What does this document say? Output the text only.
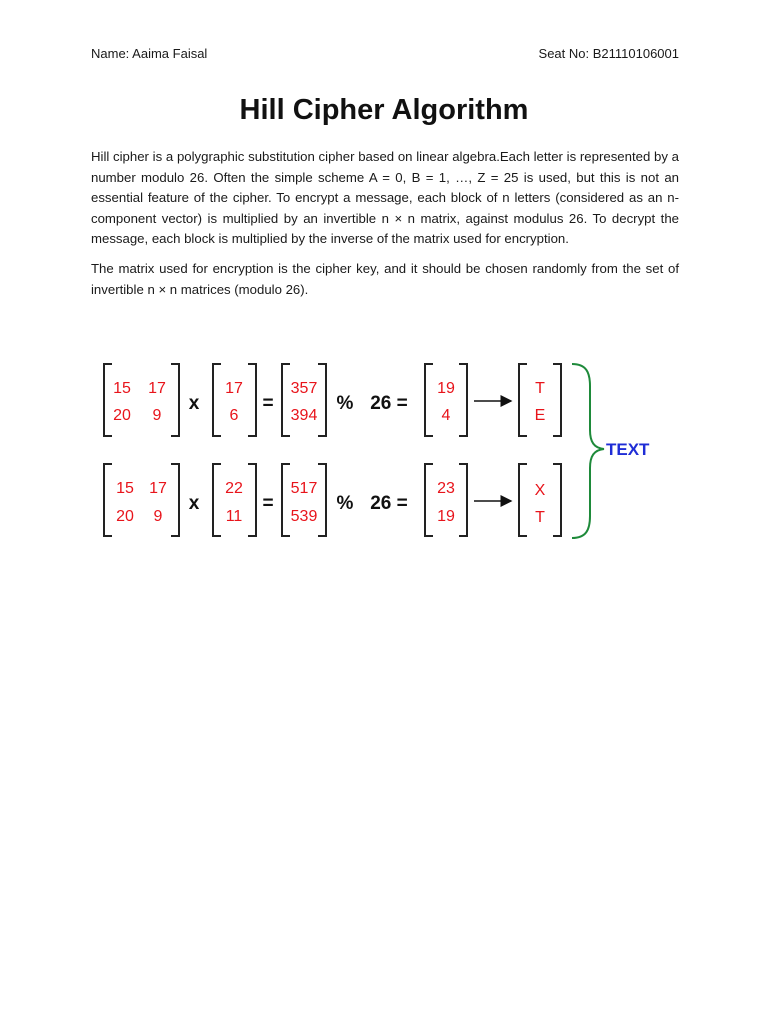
Name: Aaima Faisal	Seat No: B21110106001
Hill Cipher Algorithm

Hill cipher is a polygraphic substitution cipher based on linear algebra.Each letter is represented by a number modulo 26. Often the simple scheme A = 0, B = 1, …, Z = 25 is used, but this is not an essential feature of the cipher. To encrypt a message, each block of n letters (considered as an n-component vector) is multiplied by an invertible n × n matrix, against modulus 26. To decrypt the message, each block is multiplied by the inverse of the matrix used for encryption.

The matrix used for encryption is the cipher key, and it should be chosen randomly from the set of invertible n × n matrices (modulo 26).

15 17
20 9
x
17
6
=
357
394
% 26 =
19
4
T
E
15 17
20 9
x
22
11
=
517
539
% 26 =
23
19
X
T
TEXT
